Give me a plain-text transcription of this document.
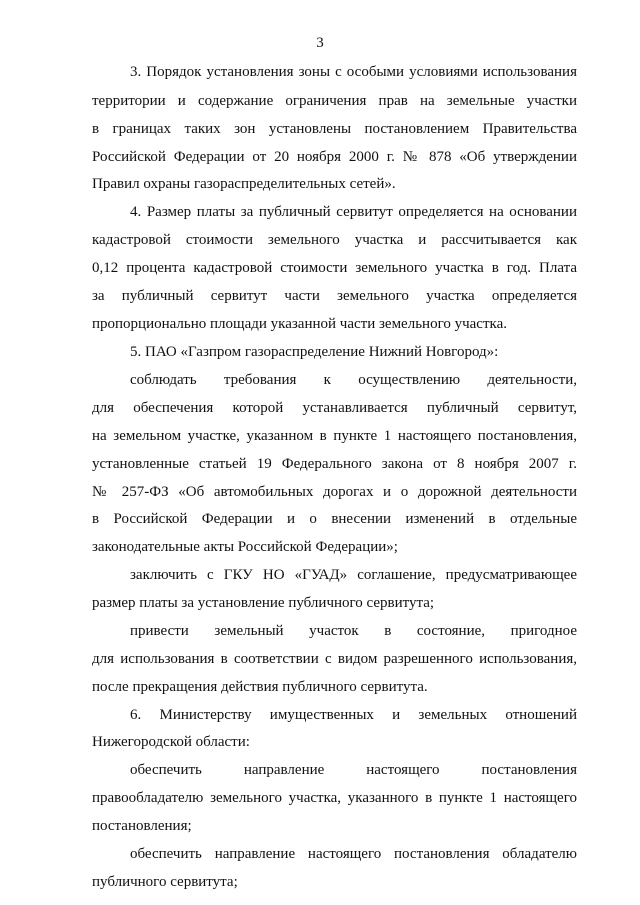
3
3. Порядок установления зоны с особыми условиями использования
территории и содержание ограничения прав на земельные участки
в границах таких зон установлены постановлением Правительства
Российской Федерации от 20 ноября 2000 г. № 878 «Об утверждении
Правил охраны газораспределительных сетей».
4. Размер платы за публичный сервитут определяется на основании
кадастровой стоимости земельного участка и рассчитывается как
0,12 процента кадастровой стоимости земельного участка в год. Плата
за публичный сервитут части земельного участка определяется
пропорционально площади указанной части земельного участка.
5. ПАО «Газпром газораспределение Нижний Новгород»:
соблюдать требования к осуществлению деятельности,
для обеспечения которой устанавливается публичный сервитут,
на земельном участке, указанном в пункте 1 настоящего постановления,
установленные статьей 19 Федерального закона от 8 ноября 2007 г.
№ 257-ФЗ «Об автомобильных дорогах и о дорожной деятельности
в Российской Федерации и о внесении изменений в отдельные
законодательные акты Российской Федерации»;
заключить с ГКУ НО «ГУАД» соглашение, предусматривающее
размер платы за установление публичного сервитута;
привести земельный участок в состояние, пригодное
для использования в соответствии с видом разрешенного использования,
после прекращения действия публичного сервитута.
6. Министерству имущественных и земельных отношений
Нижегородской области:
обеспечить направление настоящего постановления
правообладателю земельного участка, указанного в пункте 1 настоящего
постановления;
обеспечить направление настоящего постановления обладателю
публичного сервитута;
